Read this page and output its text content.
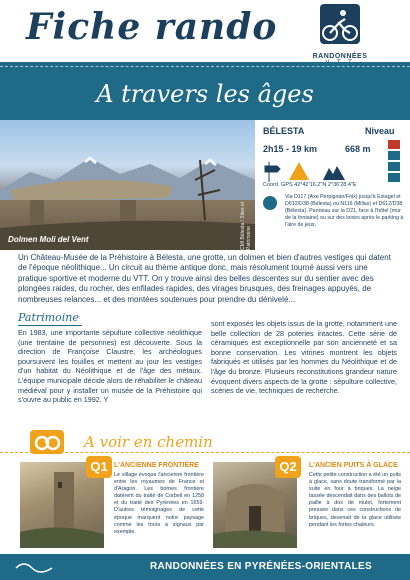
Fiche rando
RANDONNÉES
A travers les âges
Dolmen Moli del Vent	CMI Bélesta / Sites et Patrimoine
BÉLESTA	Niveau
2h15 - 19 km	668 m
Coord. GPS 42°42'16.2"N 2°36'28.4"E
Via D117 (Axe Perpignan/Foix) jusqu'à Estagel et D612/D38 (Bélesta) ou N116 (Millas) et D612/D38 (Bélesta). Panneau sur la D21, face à l'hôtel (mur de la fontaine) ou sur des loisirs après le parking à l'aire de jeux.
Un Château-Musée de la Préhistoire à Bélesta, une grotte, un dolmen et bien d'autres vestiges qui datent de l'époque néolithique... Un circuit au thème antique donc, mais résolument tourné aussi vers une pratique sportive et moderne du VTT. On y trouve ainsi des belles descentes sur du sentier avec des plongées raides, du rocher, des enfilades rapides, des virages brusques, des freinages appuyés, de nombreuses relances... et des montées soutenues pour prendre du dénivelé...
Patrimoine
En 1983, une importante sépulture collective néolithique (une trentaine de personnes) est découverte. Sous la direction de Françoise Claustre, les archéologues poursuivent les fouilles et mettent au jour les vestiges d'un habitat du Néolithique et de l'âge des métaux. L'équipe municipale décide alors de réhabiliter le château médiéval pour y installer un musée de la Préhistoire qui s'ouvre au public en 1992. Y
sont exposés les objets issus de la grotte, notamment une belle collection de 28 poteries intactes. Cette série de céramiques est exceptionnelle par son ancienneté et sa bonne conservation. Les vitrines montrent les objets fabriqués et utilisés par les hommes du Néolithique et de l'âge du bronze. Plusieurs reconstitutions grandeur nature évoquent divers aspects de la grotte : sépulture collective, scènes de vie, techniques de recherche.
A voir en chemin
Q1 L'ANCIENNE FRONTIÈRE
Le village évoque l'ancienne frontière entre les royaumes de France et d'Aragon. Les bornes frontière datèrent du traité de Corbeil en 1258 et du traité des Pyrénées en 1659. D'autres témoignages de cette époque marquent notre paysage comme les tours à signaux par exemple.
Q2	L'ANCIEN PUITS À GLACE
Cette petite construction a été un puits à glace, sans doute transformé par la suite en four à briques. La neige tassée descendait dans des ballots de paille à dos de mulet, fortement pressée dans ces constructions de briques, devenait de la glace utilisée pendant les fortes chaleurs.
RANDONNÉES EN PYRÉNÉES-ORIENTALES
